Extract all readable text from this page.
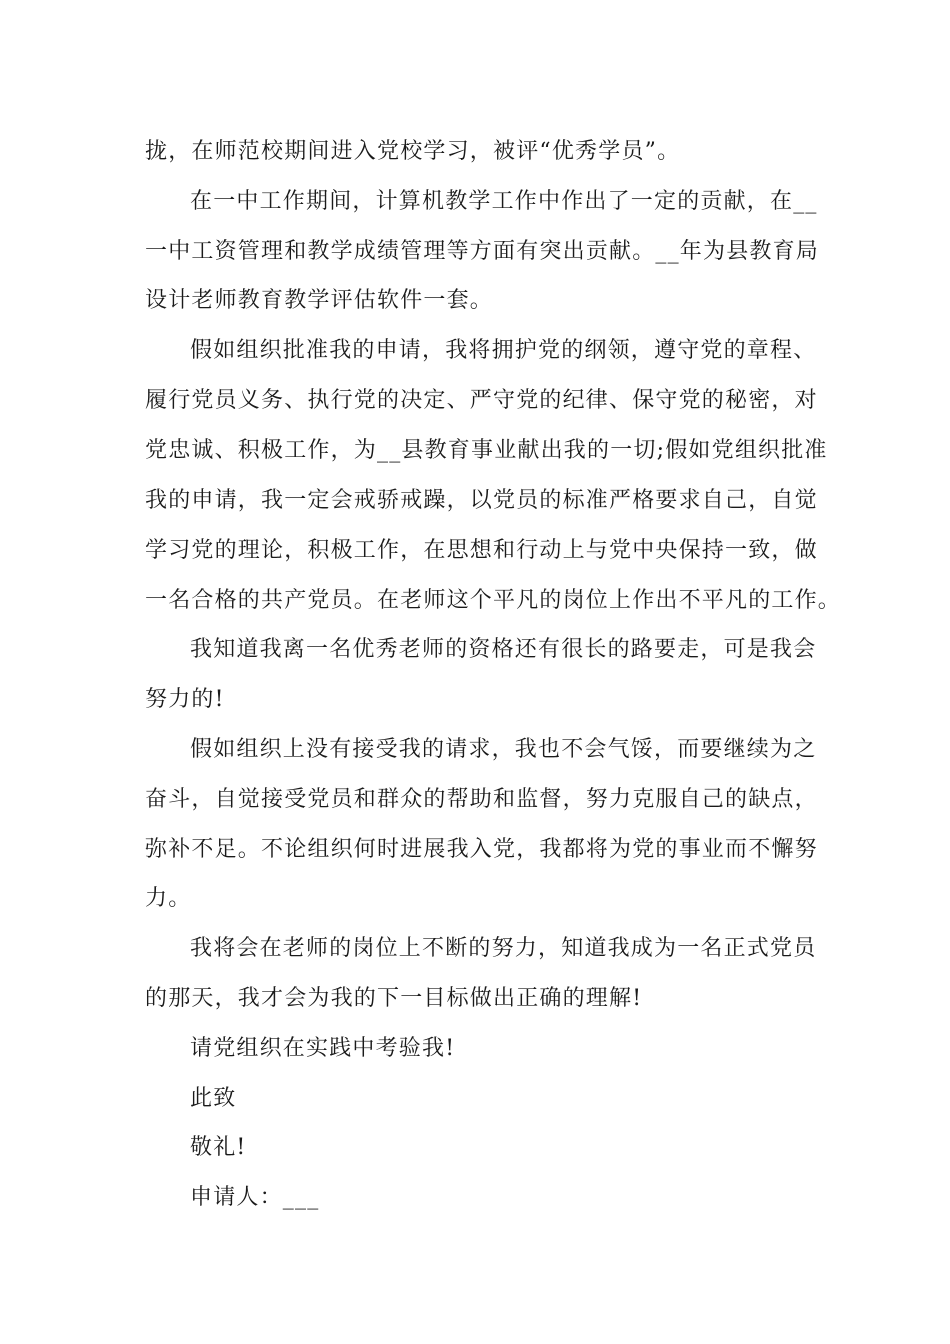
拢，在师范校期间进入党校学习，被评“优秀学员”。
在一中工作期间，计算机教学工作中作出了一定的贡献，在__
一中工资管理和教学成绩管理等方面有突出贡献。__年为县教育局
设计老师教育教学评估软件一套。
假如组织批准我的申请，我将拥护党的纲领，遵守党的章程、
履行党员义务、执行党的决定、严守党的纪律、保守党的秘密，对
党忠诚、积极工作，为__县教育事业献出我的一切;假如党组织批准
我的申请，我一定会戒骄戒躁，以党员的标准严格要求自己，自觉
学习党的理论，积极工作，在思想和行动上与党中央保持一致，做
一名合格的共产党员。在老师这个平凡的岗位上作出不平凡的工作。
我知道我离一名优秀老师的资格还有很长的路要走，可是我会
努力的!
假如组织上没有接受我的请求，我也不会气馁，而要继续为之
奋斗，自觉接受党员和群众的帮助和监督，努力克服自己的缺点，
弥补不足。不论组织何时进展我入党，我都将为党的事业而不懈努
力。
我将会在老师的岗位上不断的努力，知道我成为一名正式党员
的那天，我才会为我的下一目标做出正确的理解!
请党组织在实践中考验我!
此致
敬礼!
申请人：___
